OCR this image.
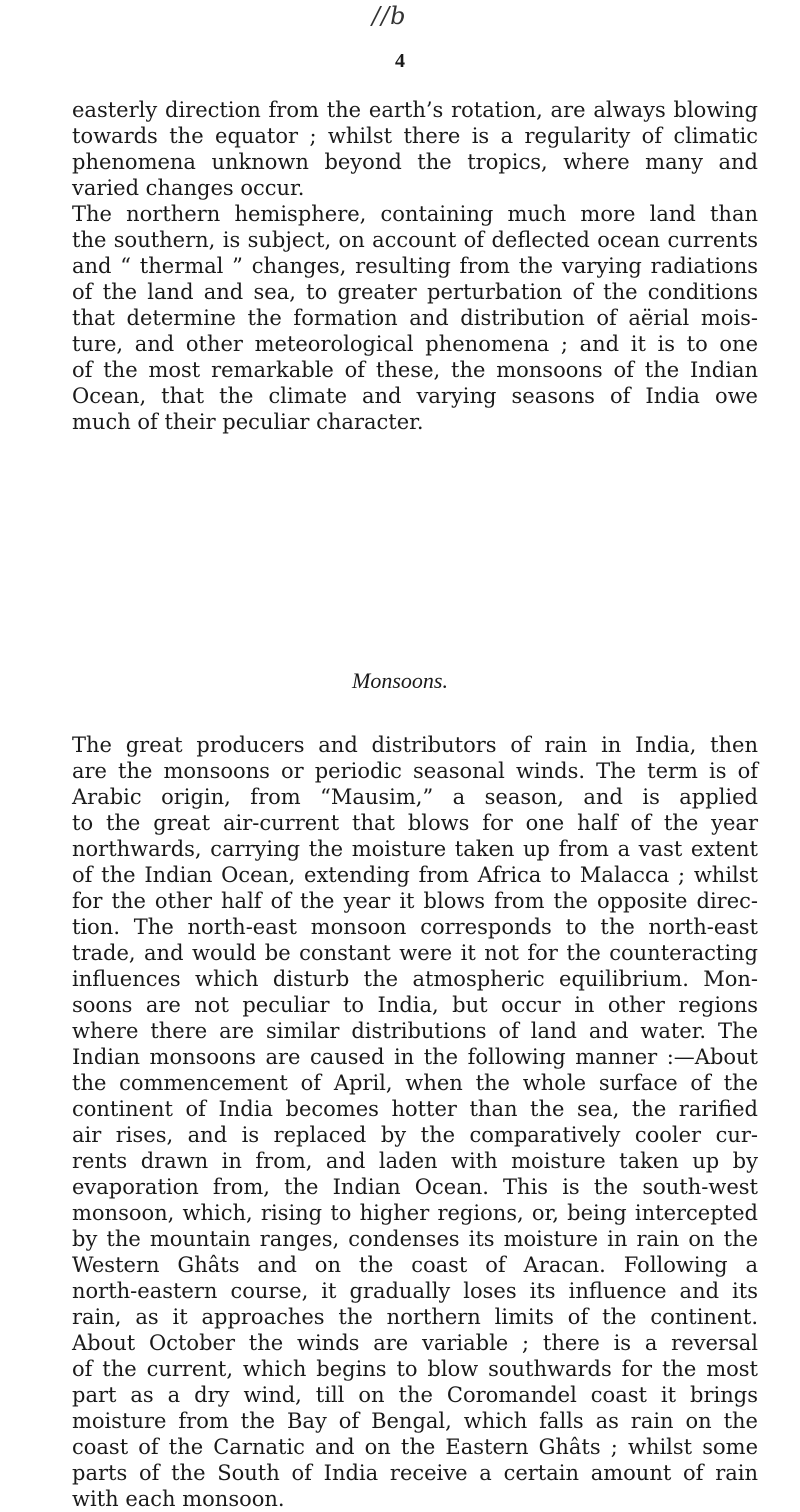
//b
4
easterly direction from the earth’s rotation, are always blowing
towards the equator ; whilst there is a regularity of climatic
phenomena unknown beyond the tropics, where many and
varied changes occur.
The northern hemisphere, containing much more land than
the southern, is subject, on account of deflected ocean currents
and “ thermal ” changes, resulting from the varying radiations
of the land and sea, to greater perturbation of the conditions
that determine the formation and distribution of aërial mois-
ture, and other meteorological phenomena ; and it is to one
of the most remarkable of these, the monsoons of the Indian
Ocean, that the climate and varying seasons of India owe
much of their peculiar character.
Monsoons.
The great producers and distributors of rain in India, then
are the monsoons or periodic seasonal winds. The term is of
Arabic origin, from “Mausim,” a season, and is applied
to the great air-current that blows for one half of the year
northwards, carrying the moisture taken up from a vast extent
of the Indian Ocean, extending from Africa to Malacca ; whilst
for the other half of the year it blows from the opposite direc-
tion. The north-east monsoon corresponds to the north-east
trade, and would be constant were it not for the counteracting
influences which disturb the atmospheric equilibrium. Mon-
soons are not peculiar to India, but occur in other regions
where there are similar distributions of land and water. The
Indian monsoons are caused in the following manner :—About
the commencement of April, when the whole surface of the
continent of India becomes hotter than the sea, the rarified
air rises, and is replaced by the comparatively cooler cur-
rents drawn in from, and laden with moisture taken up by
evaporation from, the Indian Ocean. This is the south-west
monsoon, which, rising to higher regions, or, being intercepted
by the mountain ranges, condenses its moisture in rain on the
Western Ghâts and on the coast of Aracan. Following a
north-eastern course, it gradually loses its influence and its
rain, as it approaches the northern limits of the continent.
About October the winds are variable ; there is a reversal
of the current, which begins to blow southwards for the most
part as a dry wind, till on the Coromandel coast it brings
moisture from the Bay of Bengal, which falls as rain on the
coast of the Carnatic and on the Eastern Ghâts ; whilst some
parts of the South of India receive a certain amount of rain
with each monsoon.
